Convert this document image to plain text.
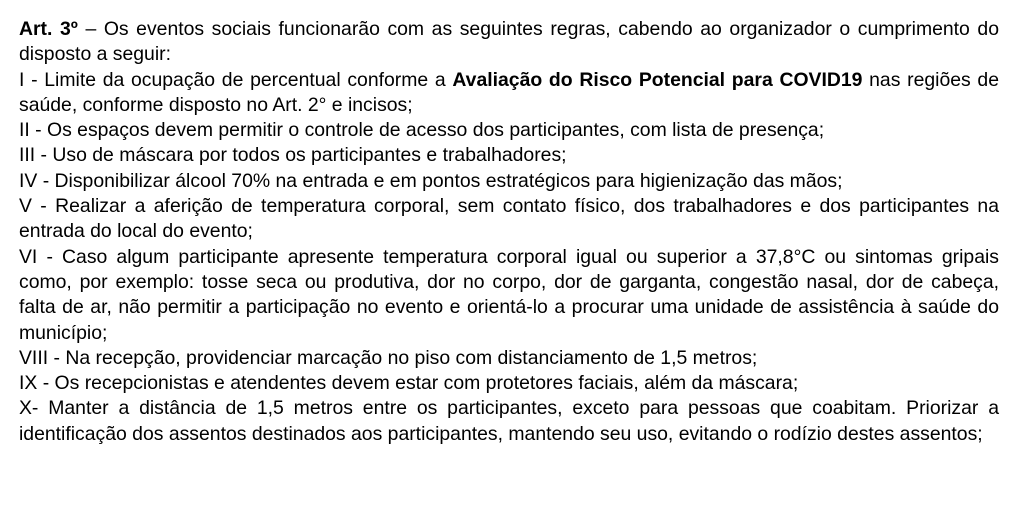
Art. 3º – Os eventos sociais funcionarão com as seguintes regras, cabendo ao organizador o cumprimento do disposto a seguir:

I - Limite da ocupação de percentual conforme a Avaliação do Risco Potencial para COVID19 nas regiões de saúde, conforme disposto no Art. 2° e incisos;

II - Os espaços devem permitir o controle de acesso dos participantes, com lista de presença;

III - Uso de máscara por todos os participantes e trabalhadores;

IV - Disponibilizar álcool 70% na entrada e em pontos estratégicos para higienização das mãos;

V - Realizar a aferição de temperatura corporal, sem contato físico, dos trabalhadores e dos participantes na entrada do local do evento;

VI - Caso algum participante apresente temperatura corporal igual ou superior a 37,8°C ou sintomas gripais como, por exemplo: tosse seca ou produtiva, dor no corpo, dor de garganta, congestão nasal, dor de cabeça, falta de ar, não permitir a participação no evento e orientá-lo a procurar uma unidade de assistência à saúde do município;

VIII - Na recepção, providenciar marcação no piso com distanciamento de 1,5 metros;

IX - Os recepcionistas e atendentes devem estar com protetores faciais, além da máscara;

X- Manter a distância de 1,5 metros entre os participantes, exceto para pessoas que coabitam. Priorizar a identificação dos assentos destinados aos participantes, mantendo seu uso, evitando o rodízio destes assentos;
